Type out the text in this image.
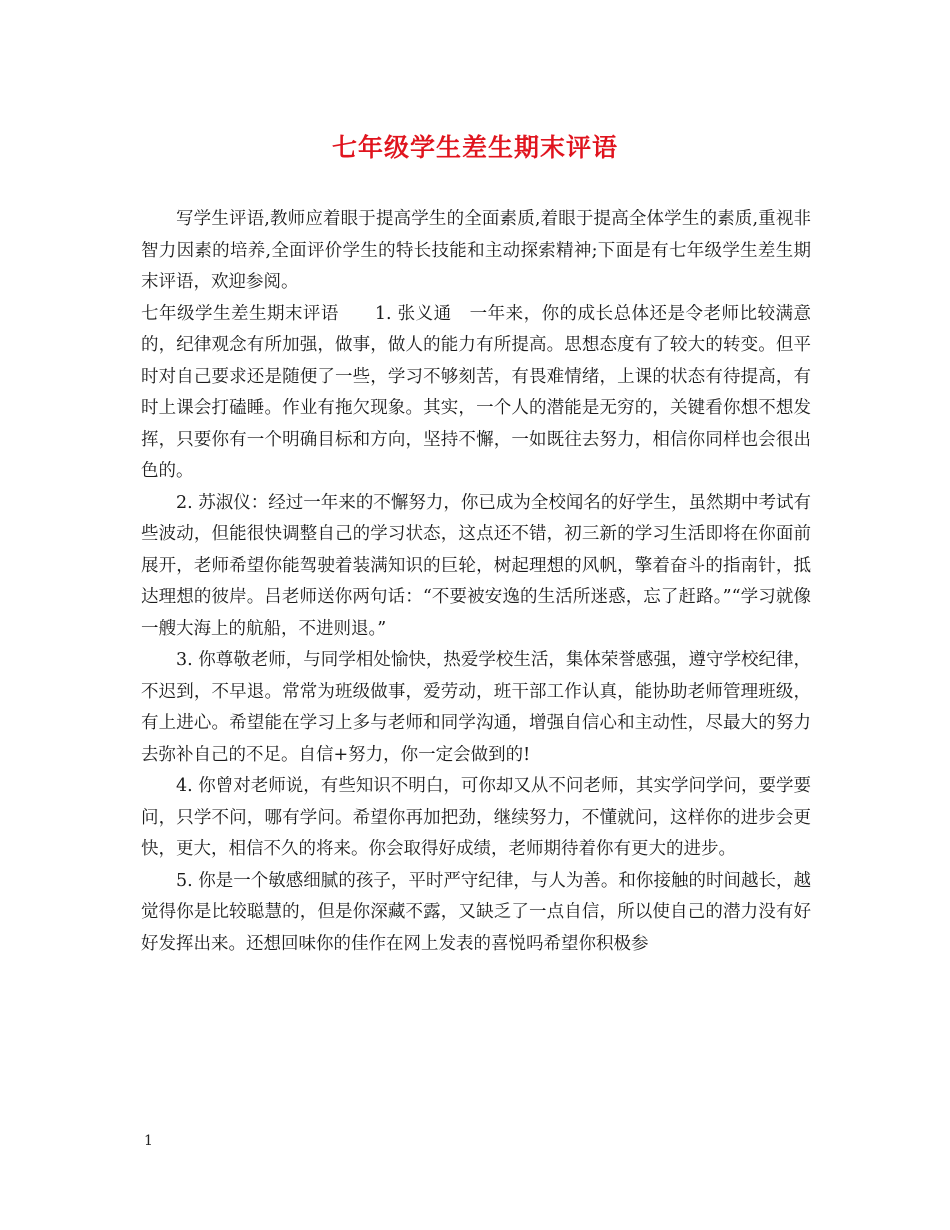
七年级学生差生期末评语

写学生评语,教师应着眼于提高学生的全面素质,着眼于提高全体学生的素质,重视非智力因素的培养,全面评价学生的特长技能和主动探索精神;下面是有七年级学生差生期末评语，欢迎参阅。

七年级学生差生期末评语　　1. 张义通　一年来，你的成长总体还是令老师比较满意的，纪律观念有所加强，做事，做人的能力有所提高。思想态度有了较大的转变。但平时对自己要求还是随便了一些，学习不够刻苦，有畏难情绪，上课的状态有待提高，有时上课会打磕睡。作业有拖欠现象。其实，一个人的潜能是无穷的，关键看你想不想发挥，只要你有一个明确目标和方向，坚持不懈，一如既往去努力，相信你同样也会很出色的。

2. 苏淑仪：经过一年来的不懈努力，你已成为全校闻名的好学生，虽然期中考试有些波动，但能很快调整自己的学习状态，这点还不错，初三新的学习生活即将在你面前展开，老师希望你能驾驶着装满知识的巨轮，树起理想的风帆，擎着奋斗的指南针，抵达理想的彼岸。吕老师送你两句话：“不要被安逸的生活所迷惑，忘了赶路。”“学习就像一艘大海上的航船，不进则退。”

3. 你尊敬老师，与同学相处愉快，热爱学校生活，集体荣誉感强，遵守学校纪律，不迟到，不早退。常常为班级做事，爱劳动，班干部工作认真，能协助老师管理班级，有上进心。希望能在学习上多与老师和同学沟通，增强自信心和主动性，尽最大的努力去弥补自己的不足。自信+努力，你一定会做到的!

4. 你曾对老师说，有些知识不明白，可你却又从不问老师，其实学问学问，要学要问，只学不问，哪有学问。希望你再加把劲，继续努力，不懂就问，这样你的进步会更快，更大，相信不久的将来。你会取得好成绩，老师期待着你有更大的进步。

5. 你是一个敏感细腻的孩子，平时严守纪律，与人为善。和你接触的时间越长，越觉得你是比较聪慧的，但是你深藏不露，又缺乏了一点自信，所以使自己的潜力没有好好发挥出来。还想回味你的佳作在网上发表的喜悦吗希望你积极参

1
